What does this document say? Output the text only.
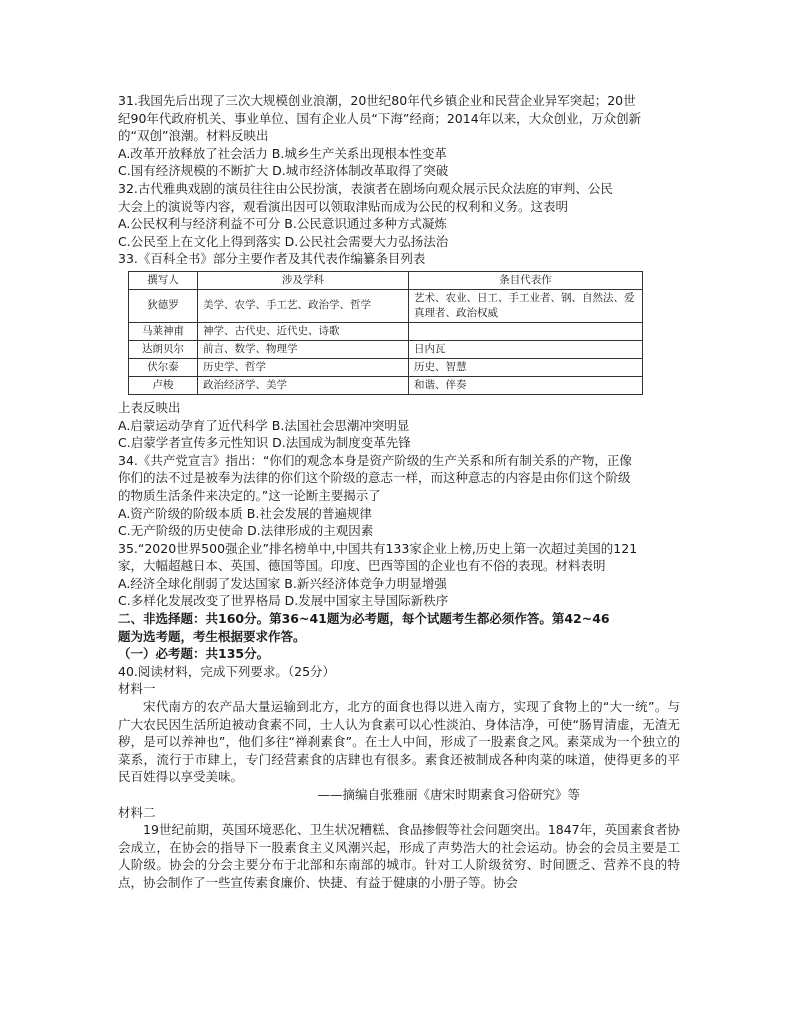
31.我国先后出现了三次大规模创业浪潮，20世纪80年代乡镇企业和民营企业异军突起；20世
纪90年代政府机关、事业单位、国有企业人员“下海”经商；2014年以来，大众创业，万众创新
的“双创”浪潮。材料反映出
A.改革开放释放了社会活力 B.城乡生产关系出现根本性变革
C.国有经济规模的不断扩大 D.城市经济体制改革取得了突破
32.古代雅典戏剧的演员往往由公民扮演，表演者在剧场向观众展示民众法庭的审判、公民
大会上的演说等内容，观看演出因可以领取津贴而成为公民的权利和义务。这表明
A.公民权利与经济利益不可分 B.公民意识通过多种方式凝炼
C.公民至上在文化上得到落实 D.公民社会需要大力弘扬法治
33.《百科全书》部分主要作者及其代表作编纂条目列表
撰写人	涉及学科	条目代表作
狄德罗	美学、农学、手工艺、政治学、哲学	艺术、农业、日工、手工业者、钢、自然法、爱真理者、政治权威
马莱神甫	神学、古代史、近代史、诗歌	
达朗贝尔	前言、数学、物理学	日内瓦
伏尔泰	历史学、哲学	历史、智慧
卢梭	政治经济学、美学	和谐、伴奏
上表反映出
A.启蒙运动孕育了近代科学 B.法国社会思潮冲突明显
C.启蒙学者宣传多元性知识 D.法国成为制度变革先锋
34.《共产党宣言》指出：“你们的观念本身是资产阶级的生产关系和所有制关系的产物，正像
你们的法不过是被奉为法律的你们这个阶级的意志一样，而这种意志的内容是由你们这个阶级
的物质生活条件来决定的。”这一论断主要揭示了
A.资产阶级的阶级本质 B.社会发展的普遍规律
C.无产阶级的历史使命 D.法律形成的主观因素
35.“2020世界500强企业”排名榜单中,中国共有133家企业上榜,历史上第一次超过美国的121
家，大幅超越日本、英国、德国等国。印度、巴西等国的企业也有不俗的表现。材料表明
A.经济全球化削弱了发达国家 B.新兴经济体竞争力明显增强
C.多样化发展改变了世界格局 D.发展中国家主导国际新秩序
二、非选择题：共160分。第36~41题为必考题，每个试题考生都必须作答。第42~46
题为选考题，考生根据要求作答。
（一）必考题：共135分。
40.阅读材料，完成下列要求。（25分）
材料一
宋代南方的农产品大量运输到北方，北方的面食也得以进入南方，实现了食物上的“大一统”。与广大农民因生活所迫被动食素不同，士人认为食素可以心性淡泊、身体洁净，可使“肠胃清虚，无渣无秽，是可以养神也”，他们多往“禅刹素食”。在士人中间，形成了一股素食之风。素菜成为一个独立的菜系，流行于市肆上，专门经营素食的店肆也有很多。素食还被制成各种肉菜的味道，使得更多的平民百姓得以享受美味。
——摘编自张雅丽《唐宋时期素食习俗研究》等
材料二
19世纪前期，英国环境恶化、卫生状况糟糕、食品掺假等社会问题突出。1847年，英国素食者协会成立，在协会的指导下一股素食主义风潮兴起，形成了声势浩大的社会运动。协会的会员主要是工人阶级。协会的分会主要分布于北部和东南部的城市。针对工人阶级贫穷、时间匮乏、营养不良的特点，协会制作了一些宣传素食廉价、快捷、有益于健康的小册子等。协会
